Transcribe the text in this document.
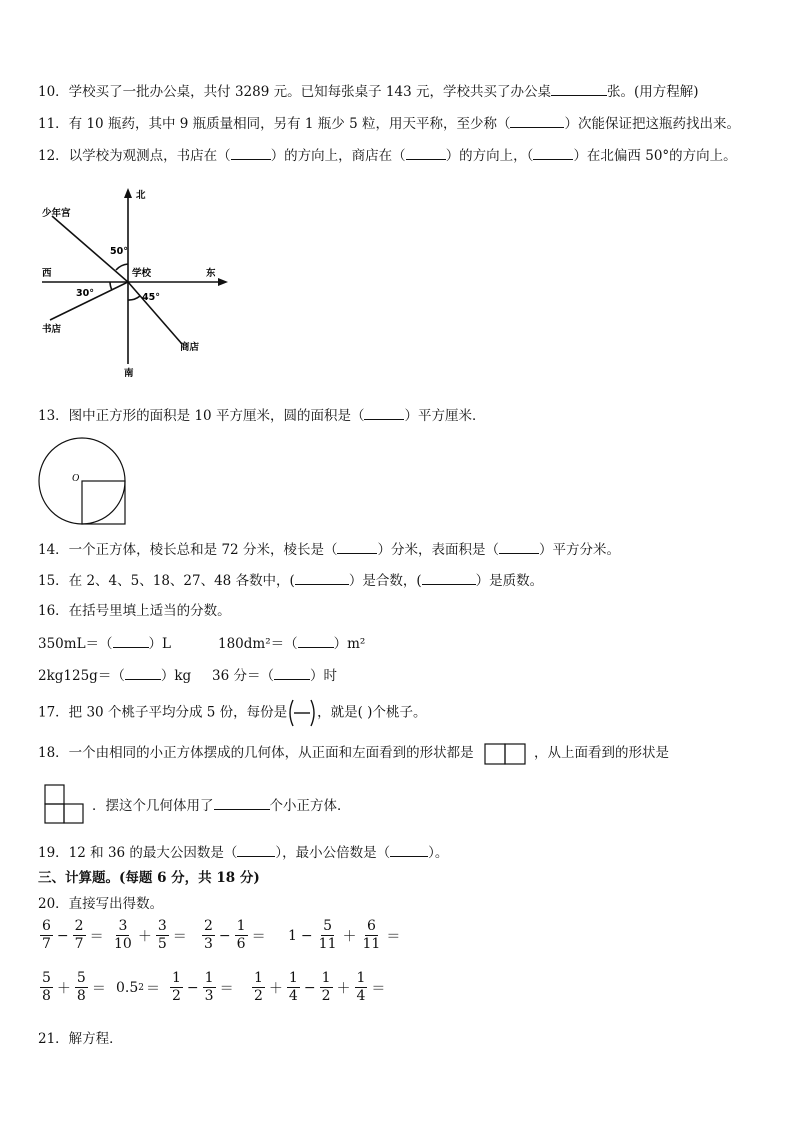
10．学校买了一批办公桌，共付 3289 元。已知每张桌子 143 元，学校共买了办公桌	张。(用方程解)
11．有 10 瓶药，其中 9 瓶质量相同，另有 1 瓶少 5 粒，用天平称，至少称（	）次能保证把这瓶药找出来。
12．以学校为观测点，书店在（	）的方向上，商店在（	）的方向上，（	）在北偏西 50°的方向上。
北
南
东
西	学校
少年宫
书店
商店
50°
30°	45°
13．图中正方形的面积是 10 平方厘米，圆的面积是（	）平方厘米．
O
14．一个正方体，棱长总和是 72 分米，棱长是（	）分米，表面积是（	）平方分米。
15．在 2、4、5、18、27、48 各数中，(	）是合数，(	）是质数。
16．在括号里填上适当的分数。
350mL＝（	）L	180dm²＝（	）m²
2kg125g＝（	）kg 36 分＝（	）时
17．把 30 个桃子平均分成 5 份，每份是 ，就是( )个桃子。
18．一个由相同的小正方体摆成的几何体，从正面和左面看到的形状都是	，从上面看到的形状是
．摆这个几何体用了	个小正方体．
19．12 和 36 的最大公因数是（	），最小公倍数是（	）。
三、计算题。(每题 6 分，共 18 分)
20．直接写出得数。
$\frac{6}{7} - \frac{2}{7} = \frac{3}{10} + \frac{3}{5} = \frac{2}{3} - \frac{1}{6} = 1 - \frac{5}{11} + \frac{6}{11}$ ＝
$\frac{5}{8} + \frac{5}{8} = 0.5$ $2 = \frac{1}{2} - \frac{1}{3} = \frac{1}{2} + \frac{1}{4} - \frac{1}{2} + \frac{1}{4}$ ＝
21．解方程．
